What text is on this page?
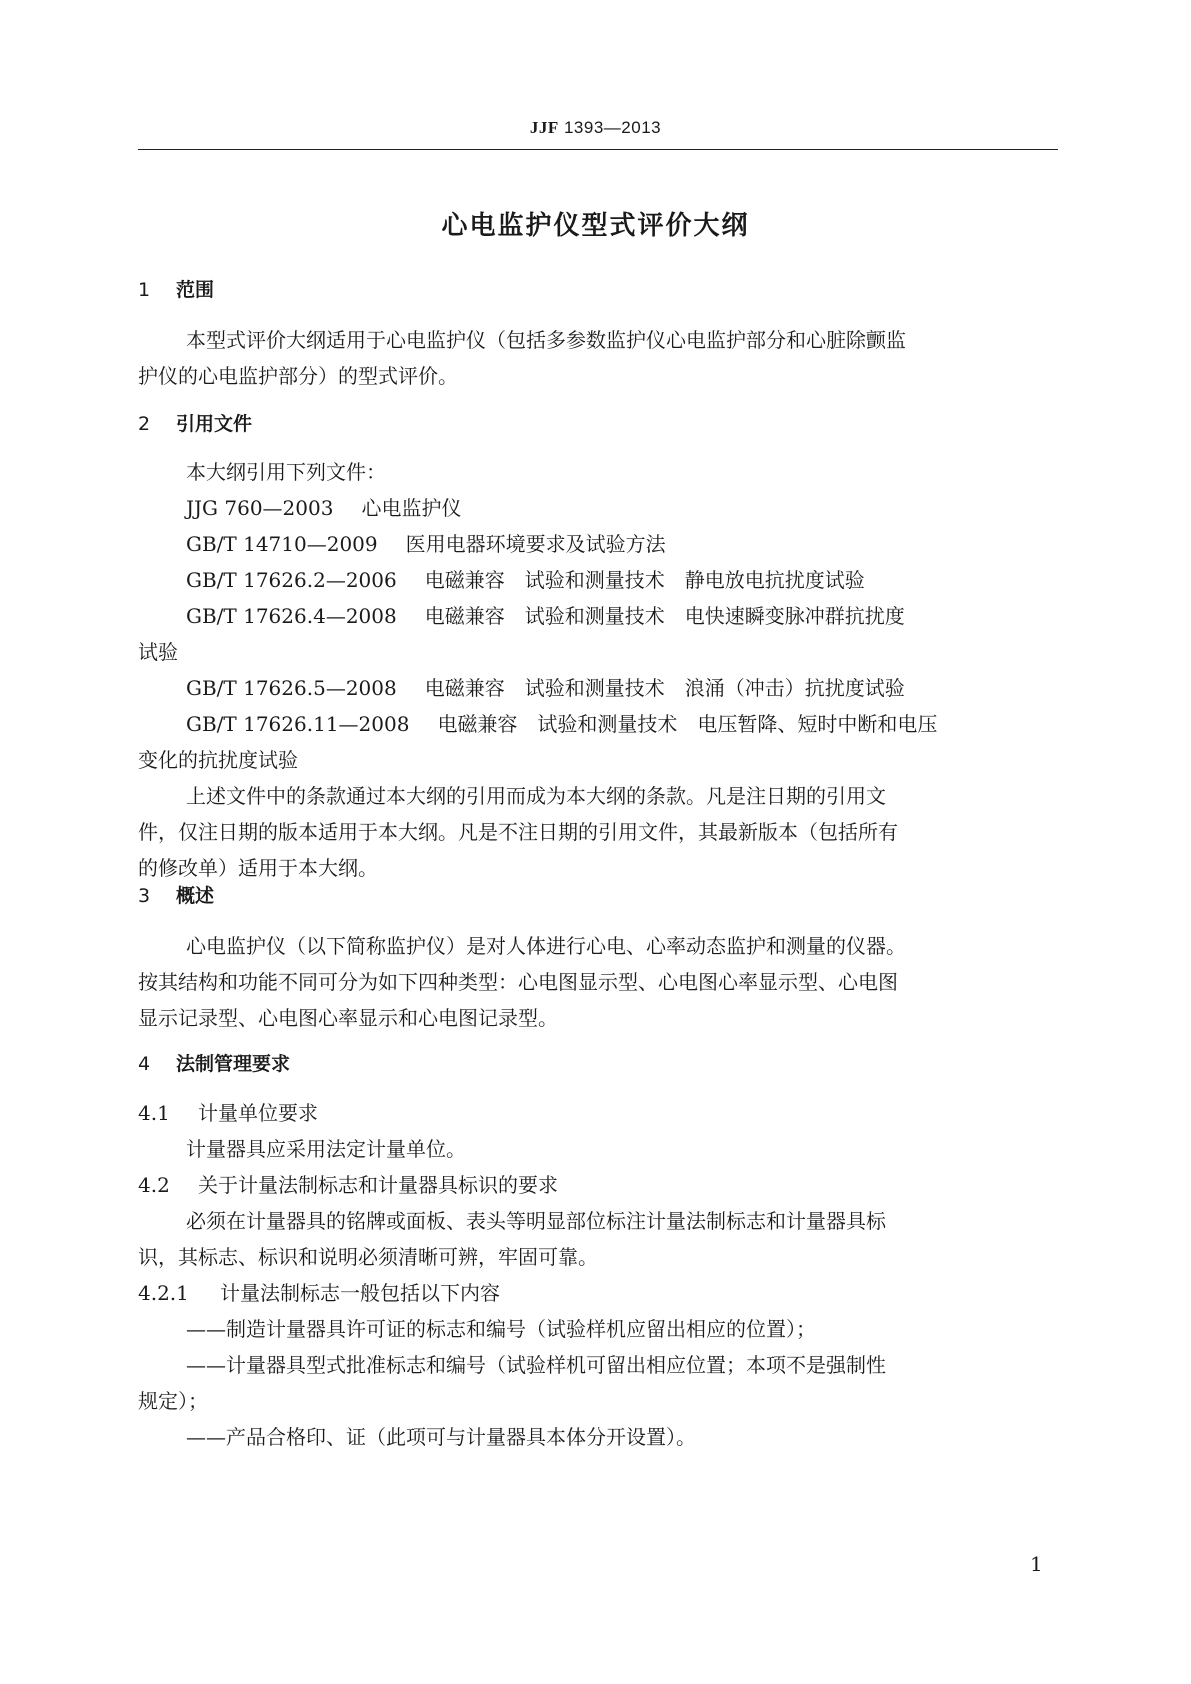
JJF 1393—2013
心电监护仪型式评价大纲
1 范围

本型式评价大纲适用于心电监护仪（包括多参数监护仪心电监护部分和心脏除颤监

护仪的心电监护部分）的型式评价。

2 引用文件

本大纲引用下列文件：

JJG 760—2003 心电监护仪

GB/T 14710—2009 医用电器环境要求及试验方法

GB/T 17626.2—2006 电磁兼容　试验和测量技术　静电放电抗扰度试验

GB/T 17626.4—2008 电磁兼容　试验和测量技术　电快速瞬变脉冲群抗扰度

试验

GB/T 17626.5—2008 电磁兼容　试验和测量技术　浪涌（冲击）抗扰度试验

GB/T 17626.11—2008 电磁兼容　试验和测量技术　电压暂降、短时中断和电压

变化的抗扰度试验

上述文件中的条款通过本大纲的引用而成为本大纲的条款。凡是注日期的引用文

件，仅注日期的版本适用于本大纲。凡是不注日期的引用文件，其最新版本（包括所有

的修改单）适用于本大纲。

3 概述

心电监护仪（以下简称监护仪）是对人体进行心电、心率动态监护和测量的仪器。

按其结构和功能不同可分为如下四种类型：心电图显示型、心电图心率显示型、心电图

显示记录型、心电图心率显示和心电图记录型。

4 法制管理要求

4.1 计量单位要求

计量器具应采用法定计量单位。

4.2 关于计量法制标志和计量器具标识的要求

必须在计量器具的铭牌或面板、表头等明显部位标注计量法制标志和计量器具标

识，其标志、标识和说明必须清晰可辨，牢固可靠。

4.2.1 计量法制标志一般包括以下内容

——制造计量器具许可证的标志和编号（试验样机应留出相应的位置）；

——计量器具型式批准标志和编号（试验样机可留出相应位置；本项不是强制性

规定）；

——产品合格印、证（此项可与计量器具本体分开设置）。

1
